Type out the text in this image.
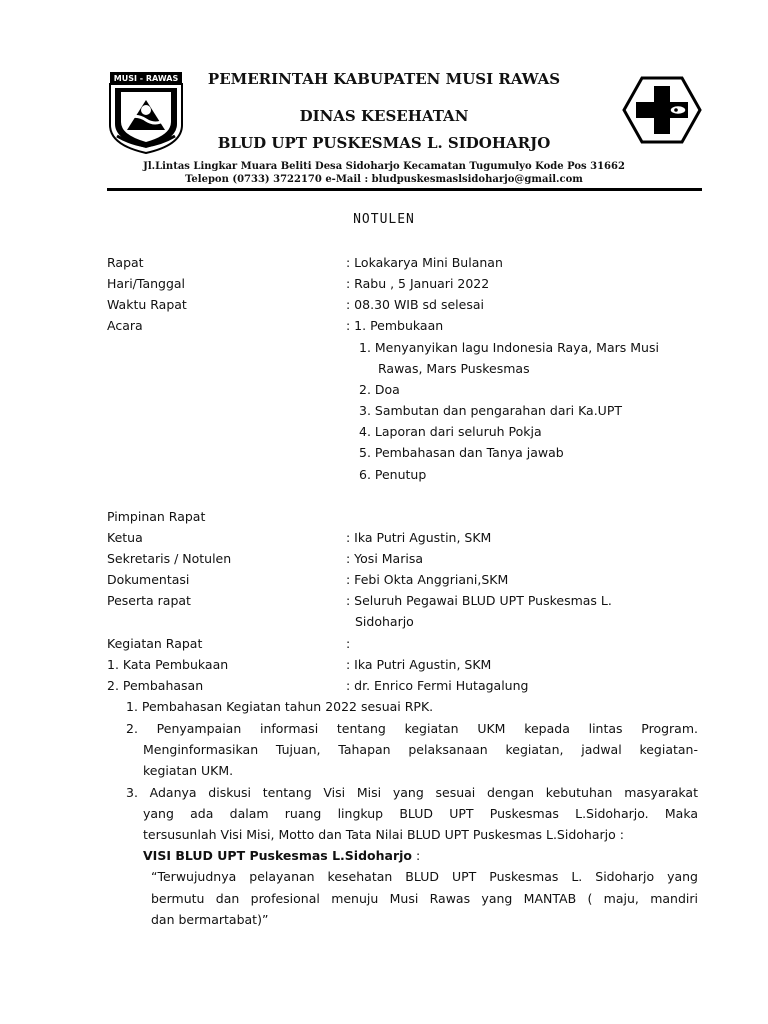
MUSI - RAWAS	PEMERINTAH KABUPATEN MUSI RAWAS
DINAS KESEHATAN
BLUD UPT PUSKESMAS L. SIDOHARJO
Jl.Lintas Lingkar Muara Beliti Desa Sidoharjo Kecamatan Tugumulyo Kode Pos 31662
Telepon (0733) 3722170 e-Mail : bludpuskesmaslsidoharjo@gmail.com
NOTULEN
Rapat	: Lokakarya Mini Bulanan
Hari/Tanggal	: Rabu , 5 Januari 2022
Waktu Rapat	: 08.30 WIB sd selesai
Acara	: 1. Pembukaan
1. Menyanyikan lagu Indonesia Raya, Mars Musi
Rawas, Mars Puskesmas
2. Doa
3. Sambutan dan pengarahan dari Ka.UPT
4. Laporan dari seluruh Pokja
5. Pembahasan dan Tanya jawab
6. Penutup
Pimpinan Rapat
Ketua	: Ika Putri Agustin, SKM
Sekretaris / Notulen	: Yosi Marisa
Dokumentasi	: Febi Okta Anggriani,SKM
Peserta rapat	: Seluruh Pegawai BLUD UPT Puskesmas L.
Sidoharjo
Kegiatan Rapat	:
1. Kata Pembukaan	: Ika Putri Agustin, SKM
2. Pembahasan	: dr. Enrico Fermi Hutagalung
1. Pembahasan Kegiatan tahun 2022 sesuai RPK.
2. Penyampaian informasi tentang kegiatan UKM kepada lintas Program.
Menginformasikan Tujuan, Tahapan pelaksanaan kegiatan, jadwal kegiatan-
kegiatan UKM.
3. Adanya diskusi tentang Visi Misi yang sesuai dengan kebutuhan masyarakat
yang ada dalam ruang lingkup BLUD UPT Puskesmas L.Sidoharjo. Maka
tersusunlah Visi Misi, Motto dan Tata Nilai BLUD UPT Puskesmas L.Sidoharjo :
VISI BLUD UPT Puskesmas L.Sidoharjo :
“Terwujudnya pelayanan kesehatan BLUD UPT Puskesmas L. Sidoharjo yang
bermutu dan profesional menuju Musi Rawas yang MANTAB ( maju, mandiri
dan bermartabat)”
